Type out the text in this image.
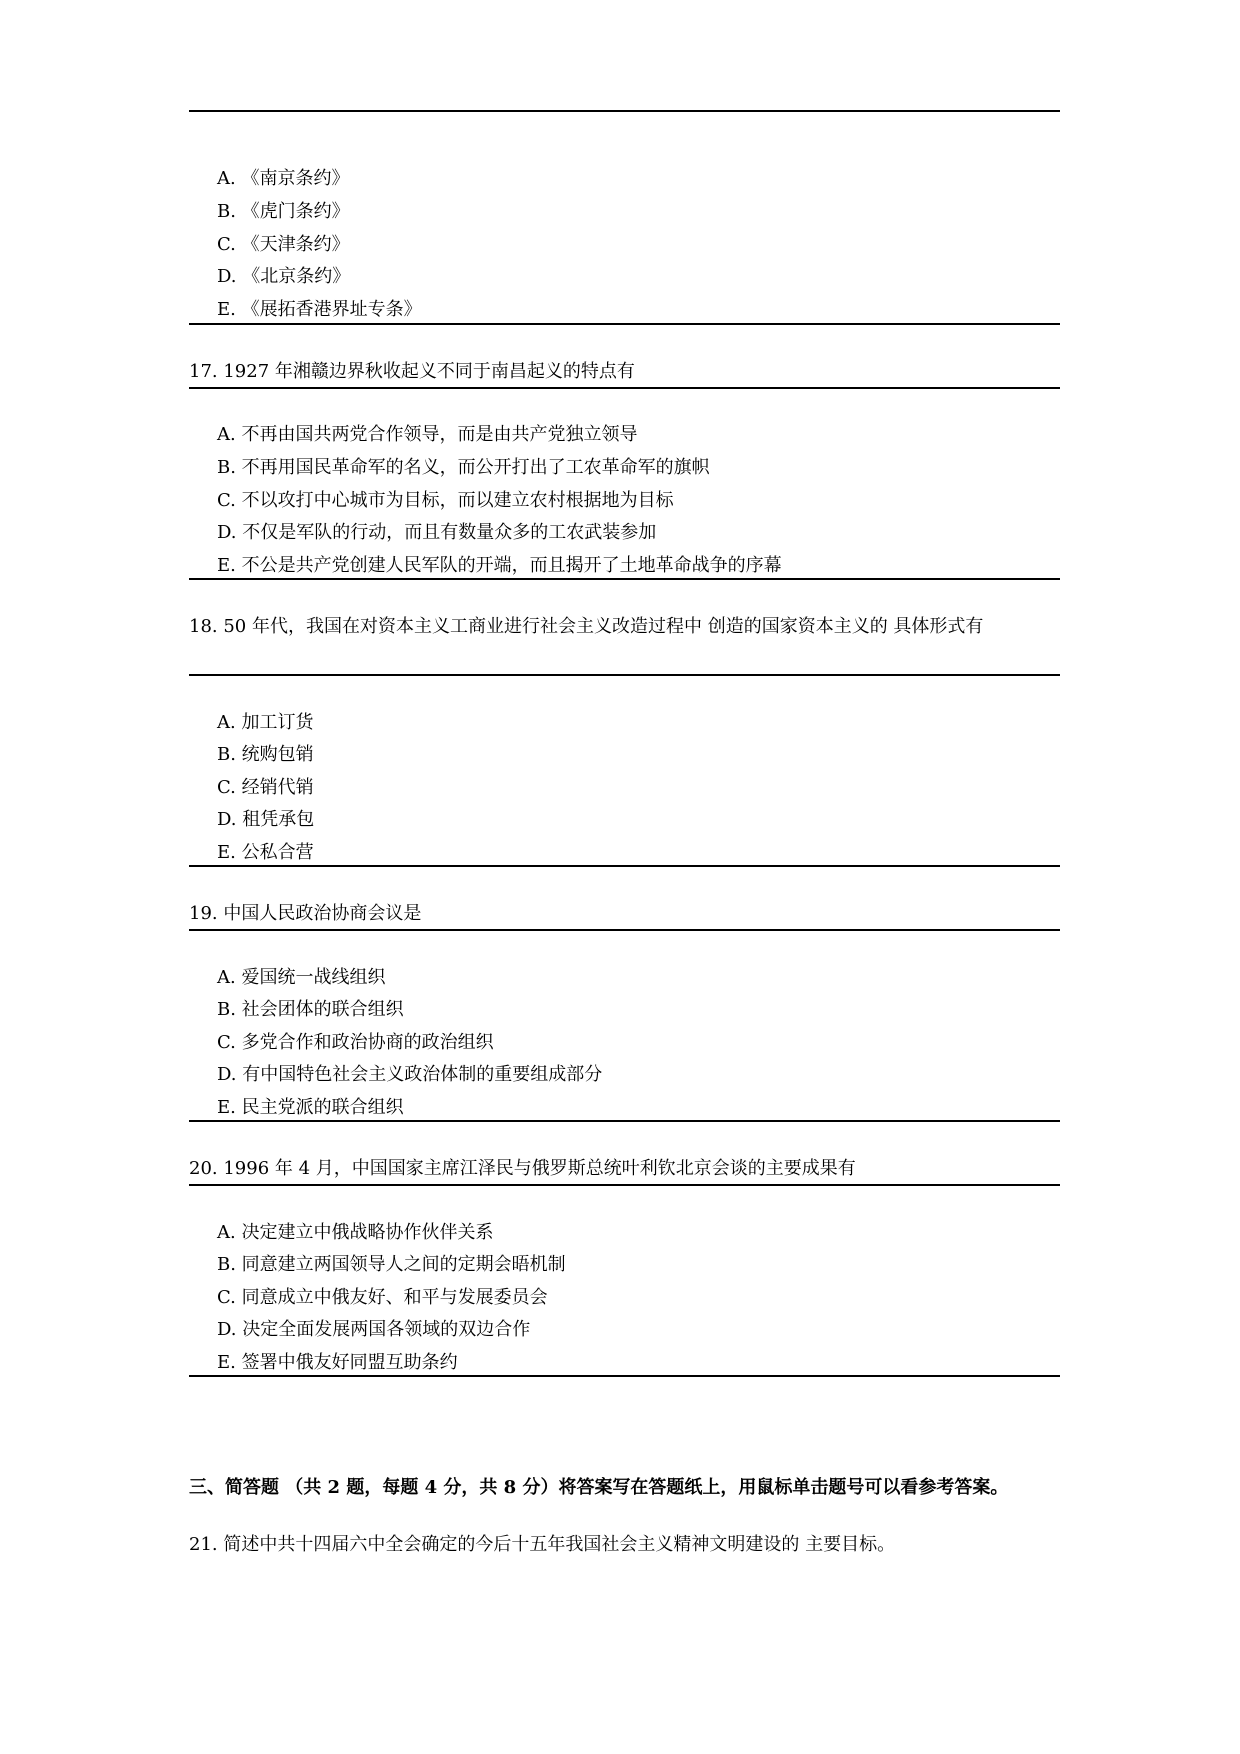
A. 《南京条约》
B. 《虎门条约》
C. 《天津条约》
D. 《北京条约》
E. 《展拓香港界址专条》
17. 1927 年湘赣边界秋收起义不同于南昌起义的特点有
A. 不再由国共两党合作领导，而是由共产党独立领导
B. 不再用国民革命军的名义，而公开打出了工农革命军的旗帜
C. 不以攻打中心城市为目标，而以建立农村根据地为目标
D. 不仅是军队的行动，而且有数量众多的工农武装参加
E. 不公是共产党创建人民军队的开端，而且揭开了土地革命战争的序幕
18. 50 年代，我国在对资本主义工商业进行社会主义改造过程中 创造的国家资本主义的 具体形式有
A. 加工订货
B. 统购包销
C. 经销代销
D. 租凭承包
E. 公私合营
19. 中国人民政治协商会议是
A. 爱国统一战线组织
B. 社会团体的联合组织
C. 多党合作和政治协商的政治组织
D. 有中国特色社会主义政治体制的重要组成部分
E. 民主党派的联合组织
20. 1996 年 4 月，中国国家主席江泽民与俄罗斯总统叶利钦北京会谈的主要成果有
A. 决定建立中俄战略协作伙伴关系
B. 同意建立两国领导人之间的定期会晤机制
C. 同意成立中俄友好、和平与发展委员会
D. 决定全面发展两国各领域的双边合作
E. 签署中俄友好同盟互助条约
三、简答题 （共 2 题，每题 4 分，共 8 分）将答案写在答题纸上，用鼠标单击题号可以看参考答案。
21. 简述中共十四届六中全会确定的今后十五年我国社会主义精神文明建设的 主要目标。
